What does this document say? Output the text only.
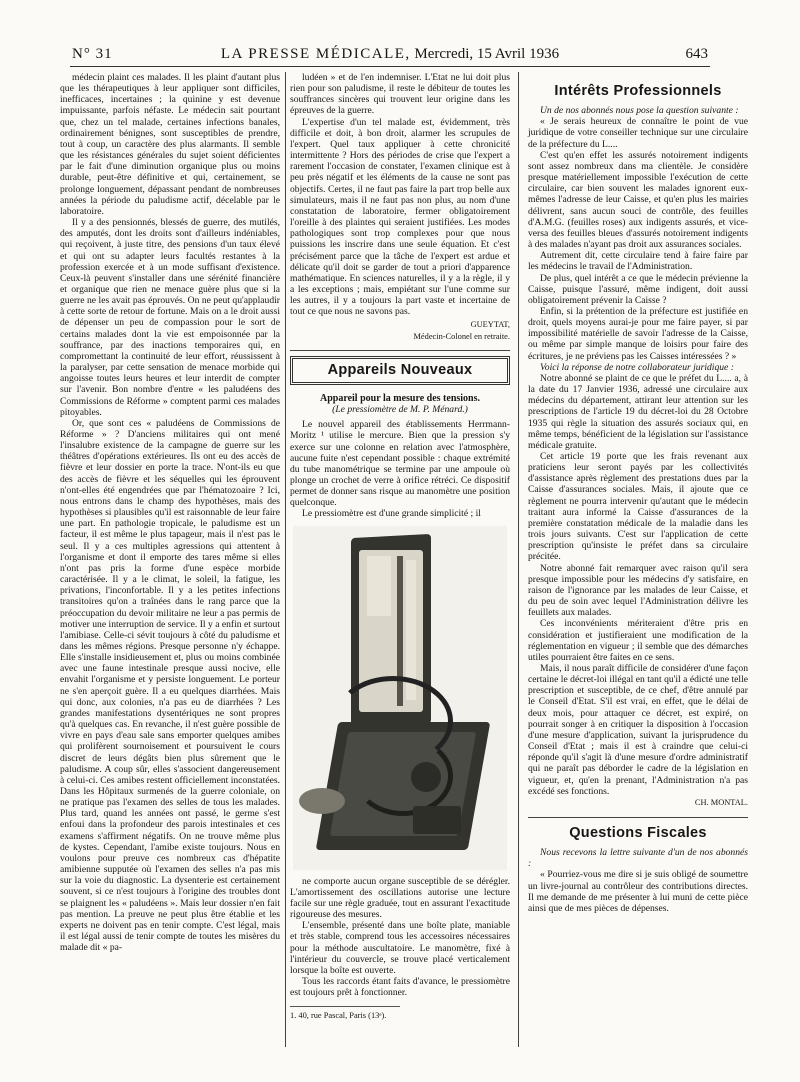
N° 31	LA PRESSE MÉDICALE, Mercredi, 15 Avril 1936	643

médecin plaint ces malades. Il les plaint d'autant plus que les thérapeutiques à leur appliquer sont difficiles, inefficaces, incertaines ; la quinine y est devenue impuissante, parfois néfaste. Le médecin sait pourtant que, chez un tel malade, certaines infections banales, ordinairement bénignes, sont susceptibles de prendre, tout à coup, un caractère des plus alarmants. Il semble que les résistances générales du sujet soient déficientes par le fait d'une diminution organique plus ou moins durable, peut-être définitive et qui, certainement, se prolonge longuement, dépassant pendant de nombreuses années la période du paludisme actif, décelable par le laboratoire.

Il y a des pensionnés, blessés de guerre, des mutilés, des amputés, dont les droits sont d'ailleurs indéniables, qui reçoivent, à juste titre, des pensions d'un taux élevé et qui ont su adapter leurs facultés restantes à la profession exercée et à un mode suffisant d'existence. Ceux-là peuvent s'installer dans une sérénité financière et organique que rien ne menace guère plus que si la guerre ne les avait pas éprouvés. On ne peut qu'applaudir à cette sorte de retour de fortune. Mais on a le droit aussi de dépenser un peu de compassion pour le sort de certains malades dont la vie est empoisonnée par la souffrance, par des inactions temporaires qui, en compromettant la continuité de leur effort, réussissent à la paralyser, par cette sensation de menace morbide qui angoisse toutes leurs heures et leur interdit de compter sur l'avenir. Bon nombre d'entre « les paludéens des Commissions de Réforme » comptent parmi ces malades pitoyables.

Or, que sont ces « paludéens de Commissions de Réforme » ? D'anciens militaires qui ont mené l'insalubre existence de la campagne de guerre sur les théâtres d'opérations extérieures. Ils ont eu des accès de fièvre et leur dossier en porte la trace. N'ont-ils eu que des accès de fièvre et les séquelles qui les éprouvent n'ont-elles été engendrées que par l'hématozoaire ? Ici, nous entrons dans le champ des hypothèses, mais des hypothèses si plausibles qu'il est raisonnable de leur faire une part. En pathologie tropicale, le paludisme est un facteur, il est même le plus tapageur, mais il n'est pas le seul. Il y a ces multiples agressions qui attentent à l'organisme et dont il emporte des tares même si elles n'ont pas pris la forme d'une espèce morbide caractérisée. Il y a le climat, le soleil, la fatigue, les privations, l'inconfortable. Il y a les petites infections transitoires qu'on a traînées dans le rang parce que la préoccupation du devoir militaire ne leur a pas permis de motiver une interruption de service. Il y a enfin et surtout l'amibiase. Celle-ci sévit toujours à côté du paludisme et dans les mêmes régions. Presque personne n'y échappe. Elle s'installe insidieusement et, plus ou moins combinée avec une faune intestinale presque aussi nocive, elle envahit l'organisme et y persiste longuement. Le porteur ne s'en aperçoit guère. Il a eu quelques diarrhées. Mais qui donc, aux colonies, n'a pas eu de diarrhées ? Les grandes manifestations dysentériques ne sont propres qu'à quelques cas. En revanche, il n'est guère possible de vivre en pays d'eau sale sans emporter quelques amibes qui prolifèrent sournoisement et poursuivent le cours discret de leurs dégâts bien plus sûrement que le paludisme. A coup sûr, elles s'associent dangereusement à celui-ci. Ces amibes restent officiellement inconstatées. Dans les Hôpitaux surmenés de la guerre coloniale, on ne pratique pas l'examen des selles de tous les malades. Plus tard, quand les années ont passé, le germe s'est enfoui dans la profondeur des parois intestinales et ces examens s'affirment négatifs. On ne trouve même plus de kystes. Cependant, l'amibe existe toujours. Nous en voulons pour preuve ces nombreux cas d'hépatite amibienne supputée où l'examen des selles n'a pas mis sur la voie du diagnostic. La dysenterie est certainement souvent, si ce n'est toujours à l'origine des troubles dont se plaignent les « paludéens ». Mais leur dossier n'en fait pas mention. La preuve ne peut plus être établie et les experts ne doivent pas en tenir compte. C'est légal, mais il est légal aussi de tenir compte de toutes les misères du malade dit « pa-

ludéen » et de l'en indemniser. L'Etat ne lui doit plus rien pour son paludisme, il reste le débiteur de toutes les souffrances sincères qui trouvent leur origine dans les épreuves de la guerre.

L'expertise d'un tel malade est, évidemment, très difficile et doit, à bon droit, alarmer les scrupules de l'expert. Quel taux appliquer à cette chronicité intermittente ? Hors des périodes de crise que l'expert a rarement l'occasion de constater, l'examen clinique est à peu près négatif et les éléments de la cause ne sont pas objectifs. Certes, il ne faut pas faire la part trop belle aux simulateurs, mais il ne faut pas non plus, au nom d'une constatation de laboratoire, fermer obligatoirement l'oreille à des plaintes qui seraient justifiées. Les modes pathologiques sont trop complexes pour que nous puissions les inscrire dans une seule équation. Et c'est précisément parce que la tâche de l'expert est ardue et délicate qu'il doit se garder de tout a priori d'apparence mathématique. En sciences naturelles, il y a la règle, il y a les exceptions ; mais, empiétant sur l'une comme sur les autres, il y a toujours la part vaste et incertaine de tout ce que nous ne savons pas.

GUEYTAT,
Médecin-Colonel en retraite.
Appareils Nouveaux
Appareil pour la mesure des tensions.
(Le pressiomètre de M. P. Ménard.)

Le nouvel appareil des établissements Herrmann-Moritz ¹ utilise le mercure. Bien que la pression s'y exerce sur une colonne en relation avec l'atmosphère, aucune fuite n'est cependant possible : chaque extrémité du tube manométrique se termine par une ampoule où plonge un crochet de verre à orifice rétréci. Ce dispositif permet de donner sans risque au manomètre une position quelconque.

Le pressiomètre est d'une grande simplicité ; il

ne comporte aucun organe susceptible de se dérégler. L'amortissement des oscillations autorise une lecture facile sur une règle graduée, tout en assurant l'exactitude rigoureuse des mesures.

L'ensemble, présenté dans une boîte plate, maniable et très stable, comprend tous les accessoires nécessaires pour la méthode auscultatoire. Le manomètre, fixé à l'intérieur du couvercle, se trouve placé verticalement lorsque la boîte est ouverte.

Tous les raccords étant faits d'avance, le pressiomètre est toujours prêt à fonctionner.

1. 40, rue Pascal, Paris (13ᵉ).
Intérêts Professionnels

Un de nos abonnés nous pose la question suivante :

« Je serais heureux de connaître le point de vue juridique de votre conseiller technique sur une circulaire de la préfecture du L....

C'est qu'en effet les assurés notoirement indigents sont assez nombreux dans ma clientèle. Je considère presque matériellement impossible l'exécution de cette circulaire, car bien souvent les malades ignorent eux-mêmes l'adresse de leur Caisse, et qu'en plus les mairies délivrent, sans aucun souci de contrôle, des feuilles d'A.M.G. (feuilles roses) aux indigents assurés, et vice-versa des feuilles bleues d'assurés notoirement indigents à des malades n'ayant pas droit aux assurances sociales.

Autrement dit, cette circulaire tend à faire faire par les médecins le travail de l'Administration.

De plus, quel intérêt a ce que le médecin prévienne la Caisse, puisque l'assuré, même indigent, doit aussi obligatoirement prévenir la Caisse ?

Enfin, si la prétention de la préfecture est justifiée en droit, quels moyens aurai-je pour me faire payer, si par impossibilité matérielle de savoir l'adresse de la Caisse, ou même par simple manque de loisirs pour faire des écritures, je ne préviens pas les Caisses intéressées ? »

Voici la réponse de notre collaborateur juridique :

Notre abonné se plaint de ce que le préfet du L.... a, à la date du 17 Janvier 1936, adressé une circulaire aux médecins du département, attirant leur attention sur les prescriptions de l'article 19 du décret-loi du 28 Octobre 1935 qui règle la situation des assurés sociaux qui, en même temps, bénéficient de la législation sur l'assistance médicale gratuite.

Cet article 19 porte que les frais revenant aux praticiens leur seront payés par les collectivités d'assistance après règlement des prestations dues par la Caisse d'assurances sociales. Mais, il ajoute que ce règlement ne pourra intervenir qu'autant que le médecin traitant aura informé la Caisse d'assurances de la première constatation médicale de la maladie dans les trois jours suivants. C'est sur l'application de cette prescription qu'insiste le préfet dans sa circulaire précitée.

Notre abonné fait remarquer avec raison qu'il sera presque impossible pour les médecins d'y satisfaire, en raison de l'ignorance par les malades de leur Caisse, et du peu de soin avec lequel l'Administration délivre les feuillets aux malades.

Ces inconvénients mériteraient d'être pris en considération et justifieraient une modification de la réglementation en vigueur ; il semble que des démarches utiles pourraient être faites en ce sens.

Mais, il nous paraît difficile de considérer d'une façon certaine le décret-loi illégal en tant qu'il a édicté une telle prescription et susceptible, de ce chef, d'être annulé par le Conseil d'Etat. S'il est vrai, en effet, que le délai de deux mois, pour attaquer ce décret, est expiré, on pourrait songer à en critiquer la disposition à l'occasion d'une mesure d'application, suivant la jurisprudence du Conseil d'Etat ; mais il est à craindre que celui-ci réponde qu'il s'agit là d'une mesure d'ordre administratif qui ne paraît pas déborder le cadre de la législation en vigueur, et, qu'en la prenant, l'Administration n'a pas excédé ses fonctions.

CH. MONTAL.
Questions Fiscales

Nous recevons la lettre suivante d'un de nos abonnés :

« Pourriez-vous me dire si je suis obligé de soumettre un livre-journal au contrôleur des contributions directes. Il me demande de me présenter à lui muni de cette pièce ainsi que de mes pièces de dépenses.
